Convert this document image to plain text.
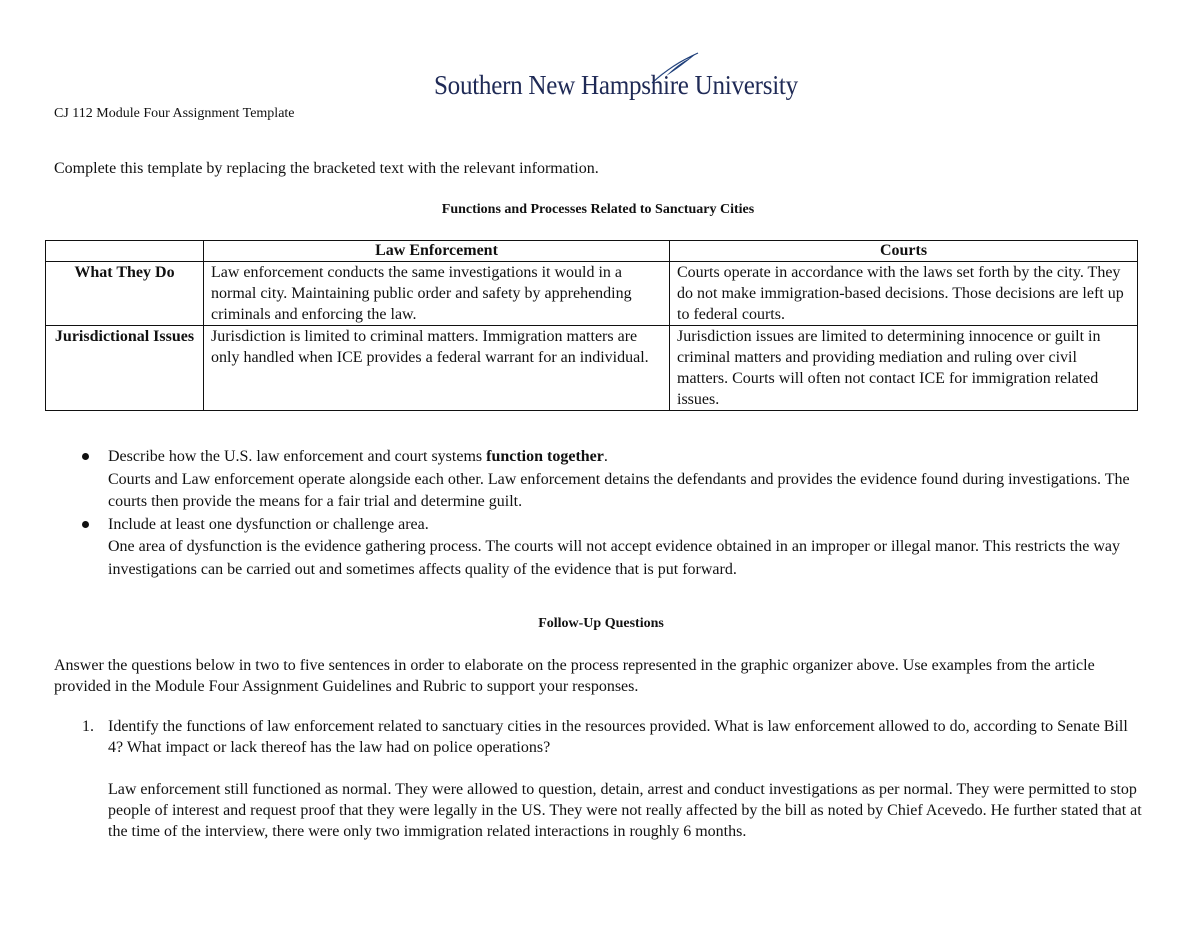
Southern New Hampshire University
CJ 112 Module Four Assignment Template
Complete this template by replacing the bracketed text with the relevant information.
Functions and Processes Related to Sanctuary Cities
	Law Enforcement	Courts
What They Do	Law enforcement conducts the same investigations it would in a normal city. Maintaining public order and safety by apprehending criminals and enforcing the law.	Courts operate in accordance with the laws set forth by the city. They do not make immigration-based decisions. Those decisions are left up to federal courts.
Jurisdictional Issues	Jurisdiction is limited to criminal matters. Immigration matters are only handled when ICE provides a federal warrant for an individual.	Jurisdiction issues are limited to determining innocence or guilt in criminal matters and providing mediation and ruling over civil matters. Courts will often not contact ICE for immigration related issues.
Describe how the U.S. law enforcement and court systems function together.
Courts and Law enforcement operate alongside each other. Law enforcement detains the defendants and provides the evidence found during investigations. The courts then provide the means for a fair trial and determine guilt.
Include at least one dysfunction or challenge area.
One area of dysfunction is the evidence gathering process. The courts will not accept evidence obtained in an improper or illegal manor. This restricts the way investigations can be carried out and sometimes affects quality of the evidence that is put forward.
Follow-Up Questions
Answer the questions below in two to five sentences in order to elaborate on the process represented in the graphic organizer above. Use examples from the article provided in the Module Four Assignment Guidelines and Rubric to support your responses.
1. Identify the functions of law enforcement related to sanctuary cities in the resources provided. What is law enforcement allowed to do, according to Senate Bill 4? What impact or lack thereof has the law had on police operations?
Law enforcement still functioned as normal. They were allowed to question, detain, arrest and conduct investigations as per normal. They were permitted to stop people of interest and request proof that they were legally in the US. They were not really affected by the bill as noted by Chief Acevedo. He further stated that at the time of the interview, there were only two immigration related interactions in roughly 6 months.
